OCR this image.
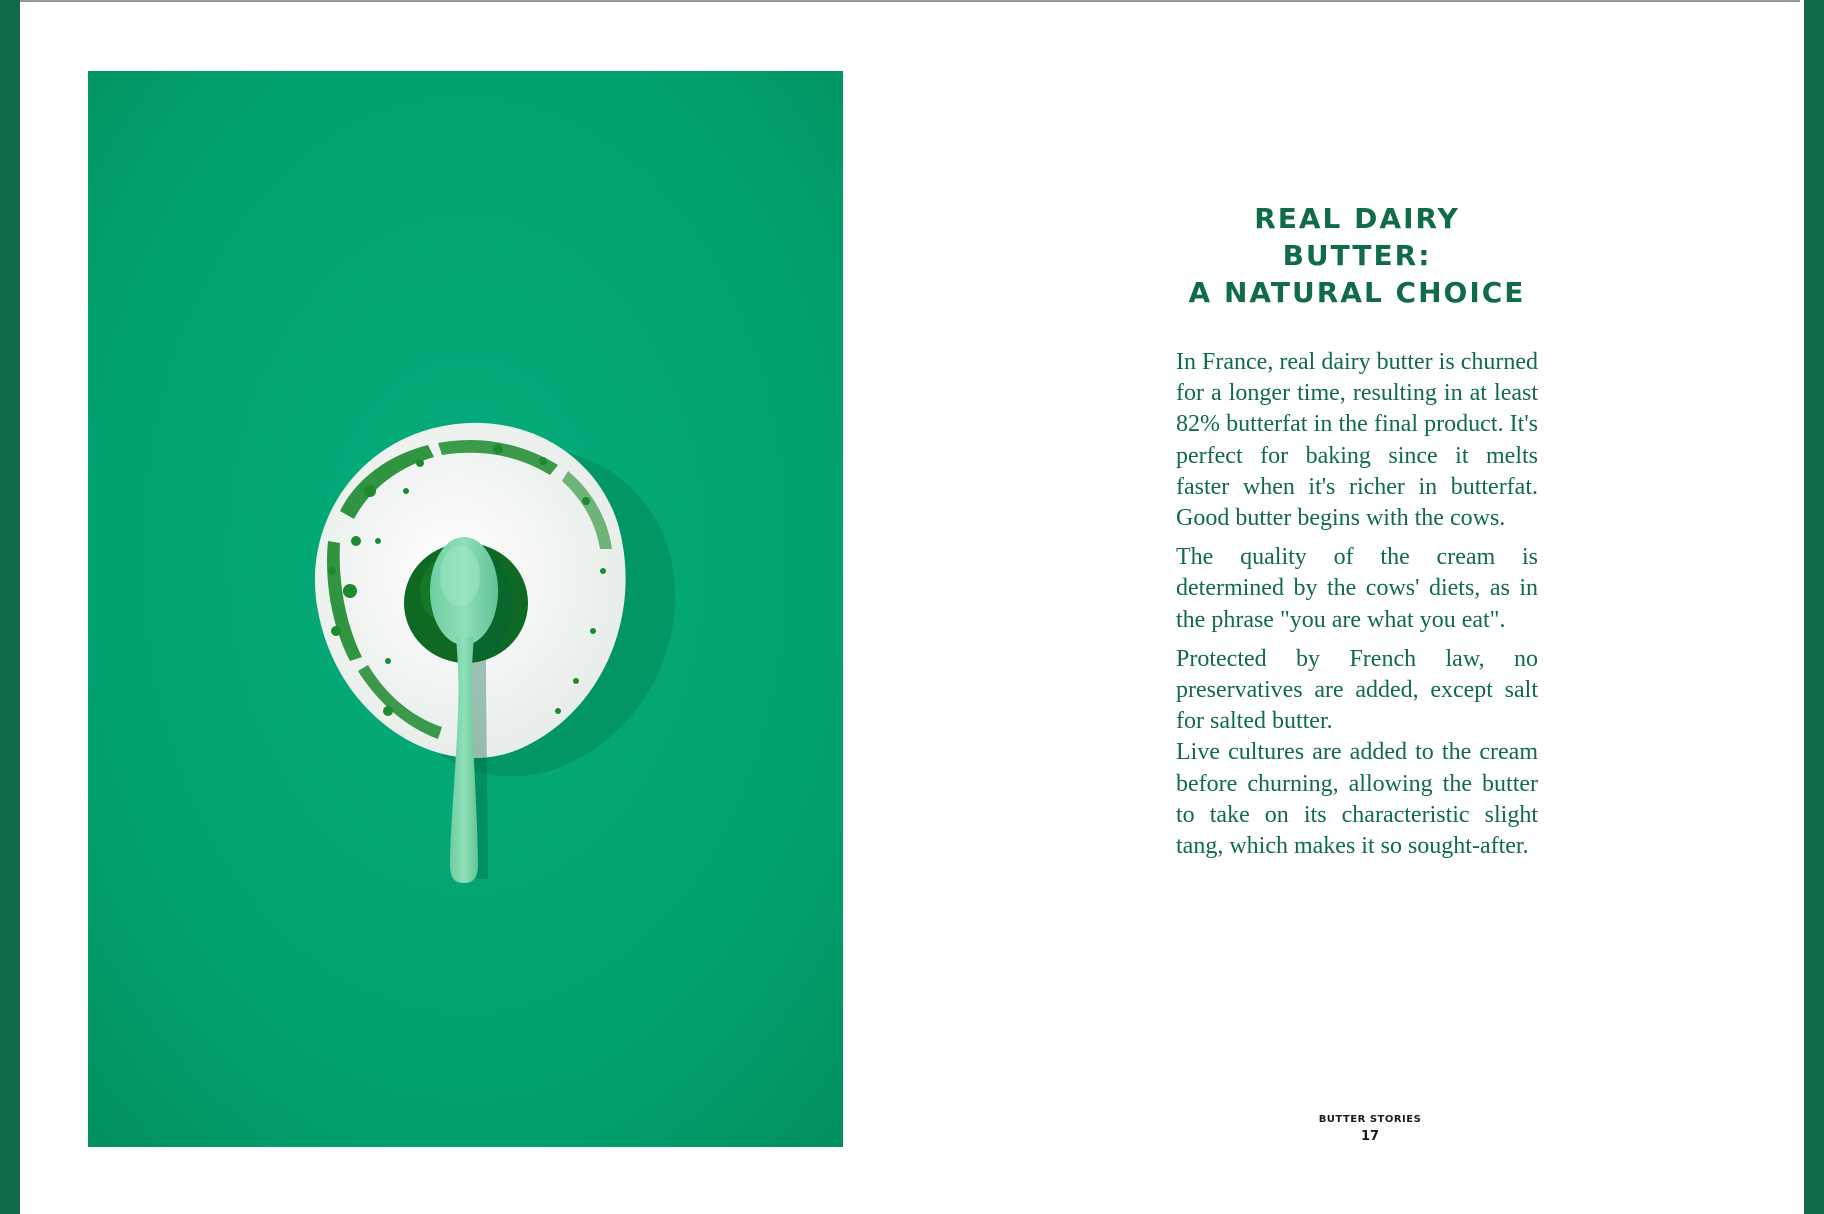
REAL DAIRY BUTTER:
A NATURAL CHOICE

In France, real dairy butter is churned for a longer time, resulting in at least 82% butterfat in the final product. It's perfect for baking since it melts faster when it's richer in butterfat. Good butter begins with the cows.

The quality of the cream is determined by the cows' diets, as in the phrase "you are what you eat".

Protected by French law, no preservatives are added, except salt for salted butter.

Live cultures are added to the cream before churning, allowing the butter to take on its characteristic slight tang, which makes it so sought-after.

BUTTER STORIES
17
